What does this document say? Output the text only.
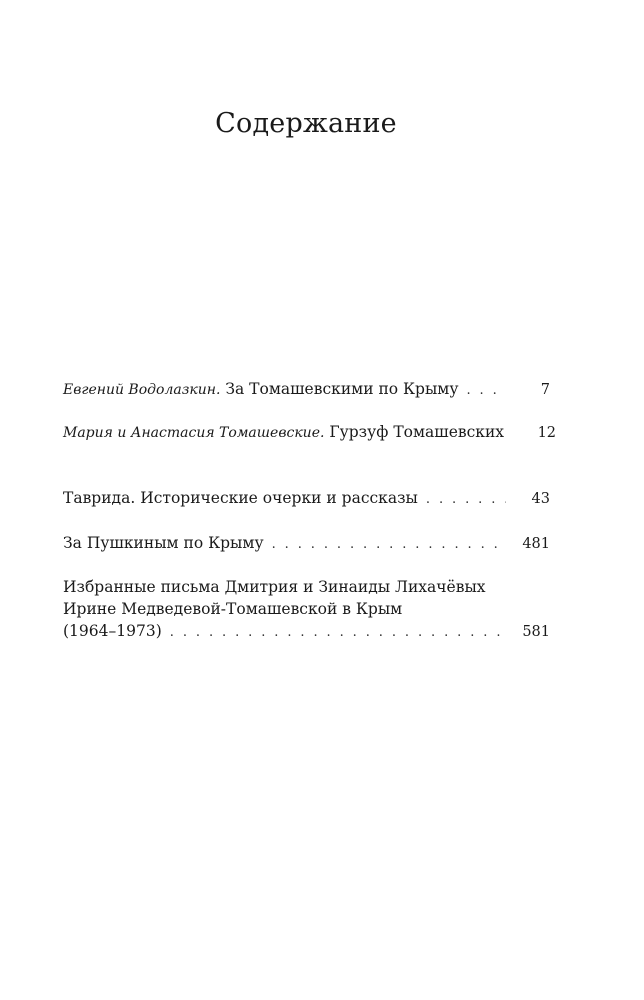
Содержание
Евгений Водолазкин. За Томашевскими по Крыму . . .	7
Мария и Анастасия Томашевские. Гурзуф Томашевских	12
Таврида. Исторические очерки и рассказы . . .	43
За Пушкиным по Крыму . . .	481
Избранные письма Дмитрия и Зинаиды Лихачёвых
Ирине Медведевой-Томашевской в Крым
(1964–1973) . . .	581
